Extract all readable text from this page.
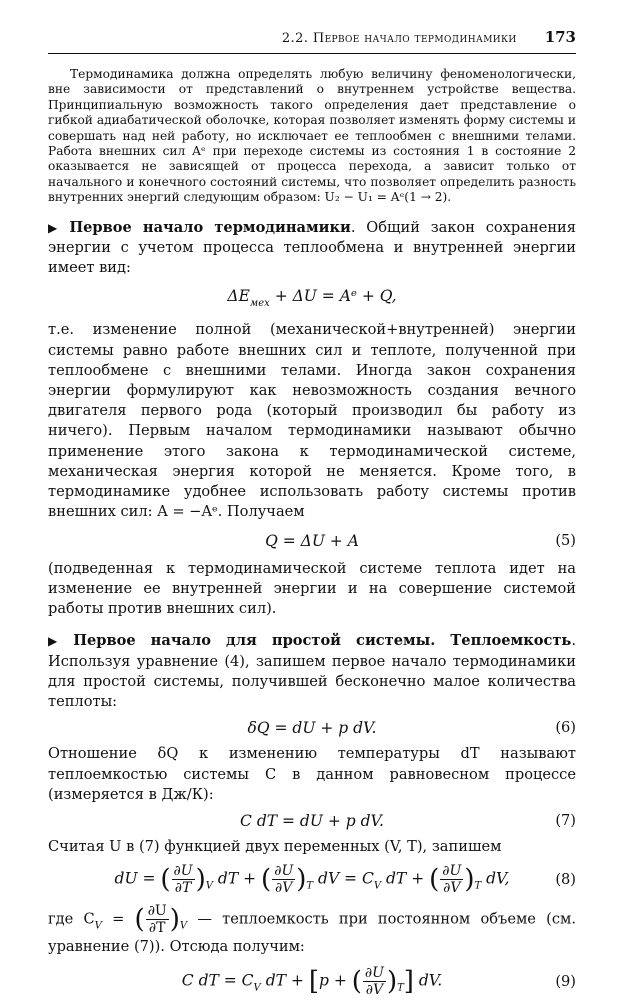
2.2. Первое начало термодинамики 173

Термодинамика должна определять любую величину феноменологически, вне зависимости от представлений о внутреннем устройстве вещества. Принципиальную возможность такого определения дает представление о гибкой адиабатической оболочке, которая позволяет изменять форму системы и совершать над ней работу, но исключает ее теплообмен с внешними телами. Работа внешних сил Aᵉ при переходе системы из состояния 1 в состояние 2 оказывается не зависящей от процесса перехода, а зависит только от начального и конечного состояний системы, что позволяет определить разность внутренних энергий следующим образом: U₂ − U₁ = Aᵉ(1 → 2).

▶ Первое начало термодинамики. Общий закон сохранения энергии с учетом процесса теплообмена и внутренней энергии имеет вид:

$\Delta E_{мех} + \Delta U$ = Aᵉ + Q,

т.е. изменение полной (механической+внутренней) энергии системы равно работе внешних сил и теплоте, полученной при теплообмене с внешними телами. Иногда закон сохранения энергии формулируют как невозможность создания вечного двигателя первого рода (который производил бы работу из ничего). Первым началом термодинамики называют обычно применение этого закона к термодинамической системе, механическая энергия которой не меняется. Кроме того, в термодинамике удобнее использовать работу системы против внешних сил: A = −Aᵉ. Получаем

Q = ΔU + A	(5)

(подведенная к термодинамической системе теплота идет на изменение ее внутренней энергии и на совершение системой работы против внешних сил).

▶ Первое начало для простой системы. Теплоемкость. Используя уравнение (4), запишем первое начало термодинамики для простой системы, получившей бесконечно малое количества теплоты:

δQ = dU + p dV.	(6)

Отношение δQ к изменению температуры dT называют теплоемкостью системы C в данном равновесном процессе (измеряется в Дж/К):

C dT = dU + p dV.	(7)

Считая U в (7) функцией двух переменных (V, T), запишем

dU = ( $\frac{\partial U}{\partial T} )_V$ dT + ( $\frac{\partial U}{\partial V} )_T$ dV = $C_V$ dT + ( $\frac{\partial U}{\partial V} )_T$ dV,	(8)

где $C_V$ = ( $\frac{\partial U}{\partial T} )_V$ — теплоемкость при постоянном объеме (см. уравнение (7)). Отсюда получим:

C dT = $C_V$ dT + [p + ( $\frac{\partial U}{\partial V} )_T$] dV.	(9)
